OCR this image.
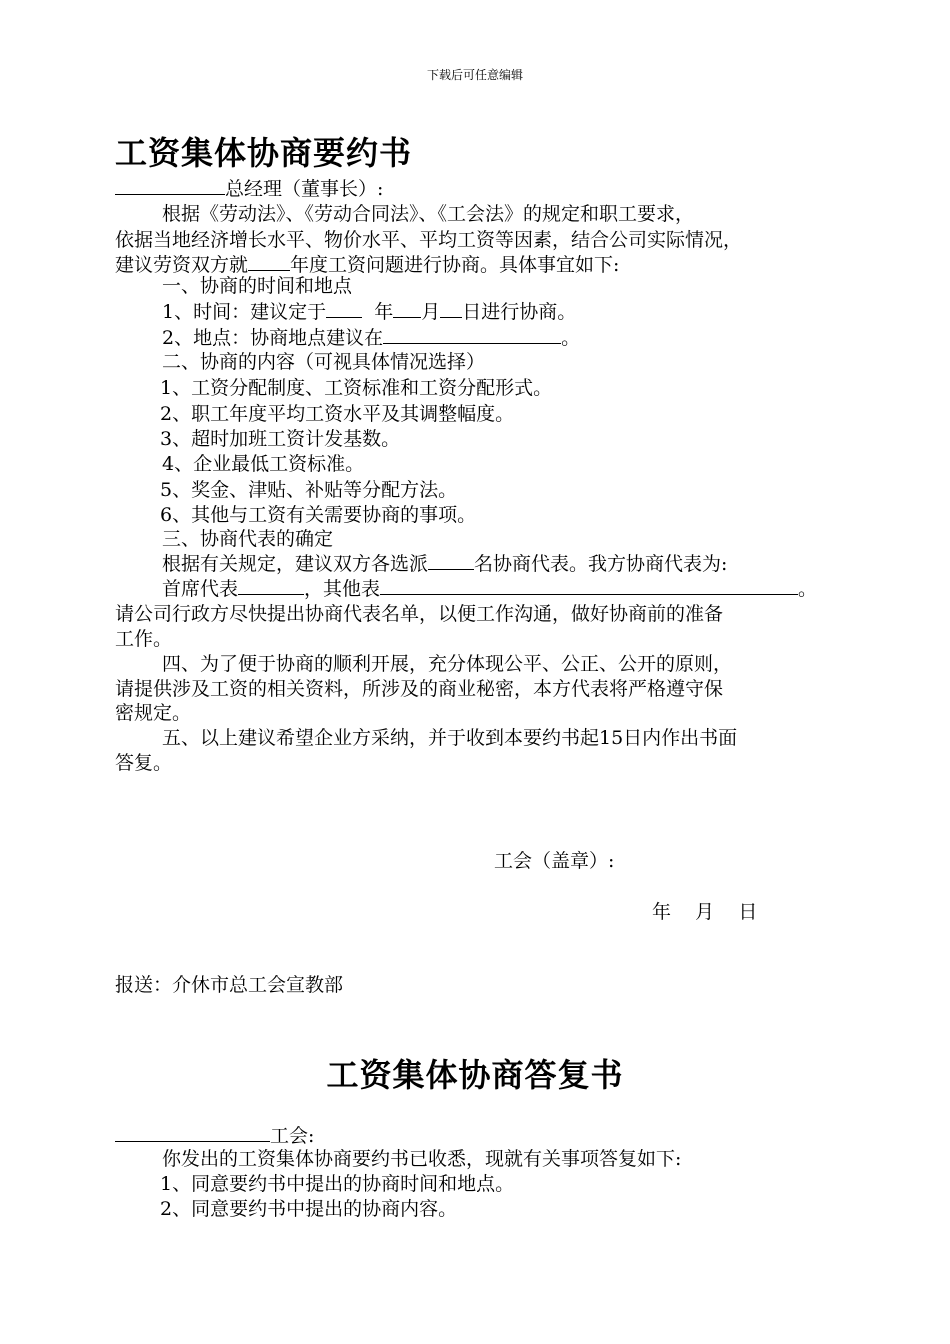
下载后可任意编辑
工资集体协商要约书
总经理（董事长）:
根据《劳动法》、《劳动合同法》、《工会法》的规定和职工要求，
依据当地经济增长水平、物价水平、平均工资等因素，结合公司实际情况，
建议劳资双方就 年度工资问题进行协商。具体事宜如下:
一、协商的时间和地点
1、时间：建议定于	年 月 日进行协商。
2、地点：协商地点建议在	。
二、协商的内容（可视具体情况选择）
1、工资分配制度、工资标准和工资分配形式。
2、职工年度平均工资水平及其调整幅度。
3、超时加班工资计发基数。
4、企业最低工资标准。
5、奖金、津贴、补贴等分配方法。
6、其他与工资有关需要协商的事项。
三、协商代表的确定
根据有关规定，建议双方各选派 名协商代表。我方协商代表为:
首席代表	，其他表	。
请公司行政方尽快提出协商代表名单，以便工作沟通，做好协商前的准备
工作。
四、为了便于协商的顺利开展，充分体现公平、公正、公开的原则，
请提供涉及工资的相关资料，所涉及的商业秘密，本方代表将严格遵守保
密规定。
五、以上建议希望企业方采纳，并于收到本要约书起15日内作出书面
答复。
工会（盖章）:
年    月    日
报送：介休市总工会宣教部
工资集体协商答复书
工会:
你发出的工资集体协商要约书已收悉，现就有关事项答复如下:
1、同意要约书中提出的协商时间和地点。
2、同意要约书中提出的协商内容。
